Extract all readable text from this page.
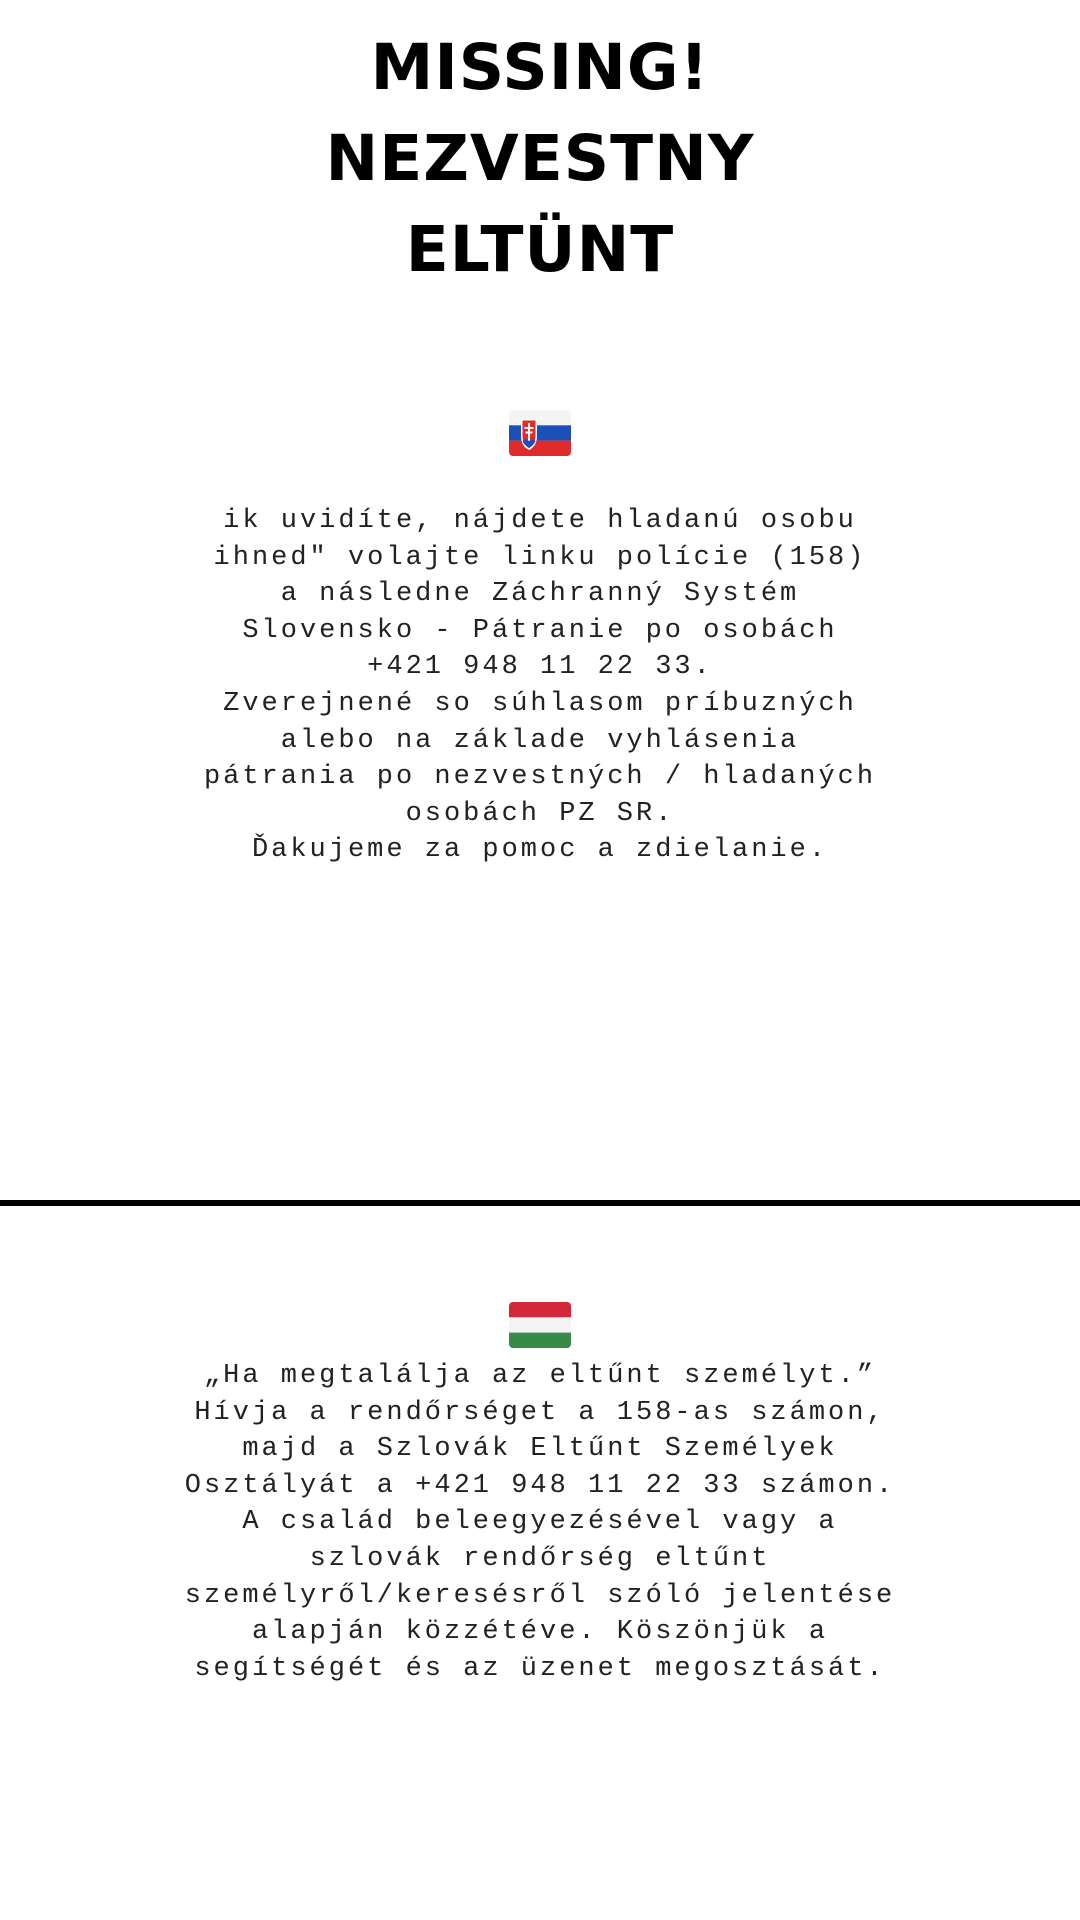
MISSING!
NEZVESTNY
ELTÜNT
ik uvidíte, nájdete hladanú osobu
ihned" volajte linku polície (158)
a následne Záchranný Systém
Slovensko - Pátranie po osobách
+421 948 11 22 33.
Zverejnené so súhlasom príbuzných
alebo na základe vyhlásenia
pátrania po nezvestných / hladaných
osobách PZ SR.
Ďakujeme za pomoc a zdielanie.
„Ha megtalálja az eltűnt személyt.”
Hívja a rendőrséget a 158-as számon,
majd a Szlovák Eltűnt Személyek
Osztályát a +421 948 11 22 33 számon.
A család beleegyezésével vagy a
szlovák rendőrség eltűnt
személyről/keresésről szóló jelentése
alapján közzétéve. Köszönjük a
segítségét és az üzenet megosztását.
